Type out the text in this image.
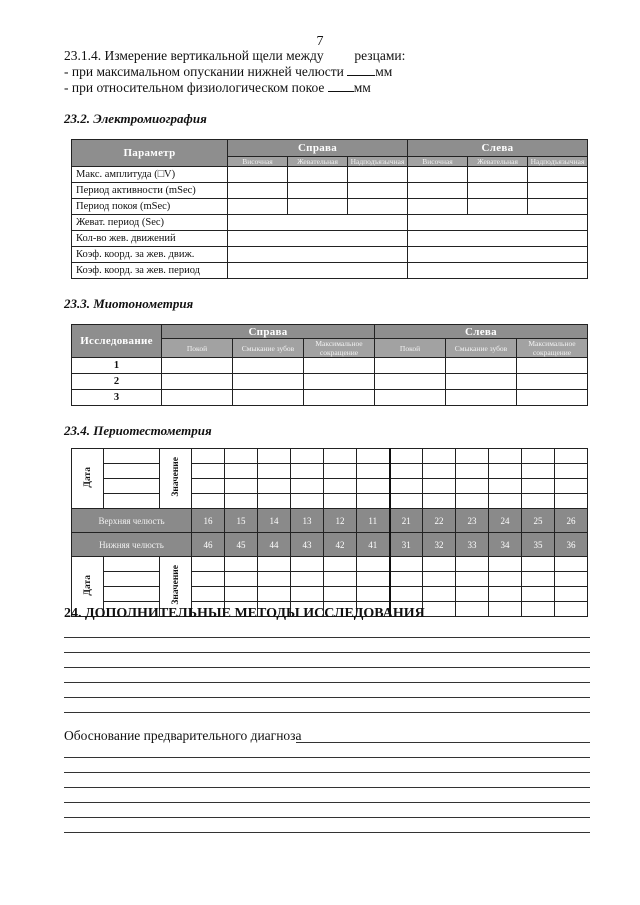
7
23.1.4. Измерение вертикальной щели между резцами:
- при максимальном опускании нижней челюсти мм
- при относительном физиологическом покое мм
23.2. Электромиография
Параметр	Справа			Слева		
	Височная	Жевательная	Надподъязычная	Височная	Жевательная	Надподъязычная
Макс. амплитуда (□V)						
Период активности (mSec)						
Период покоя (mSec)						
Жеват. период (Sec)						
Кол-во жев. движений						
Коэф. коорд. за жев. движ.						
Коэф. коорд. за жев. период						
23.3. Миотонометрия
Исследование	Справа			Слева		
	Покой	Смыкание зубов	Максимальное сокращение	Покой	Смыкание зубов	Максимальное сокращение
1						
2						
3						
23.4. Периотестометрия
Дата		Значение												

Верхняя челюсть			16	15	14	13	12	11	21	22	23	24	25	26
Нижняя челюсть			46	45	44	43	42	41	31	32	33	34	35	36
Дата		Значение												

24. ДОПОЛНИТЕЛЬНЫЕ МЕТОДЫ ИССЛЕДОВАНИЯ
Обоснование предварительного диагноза
